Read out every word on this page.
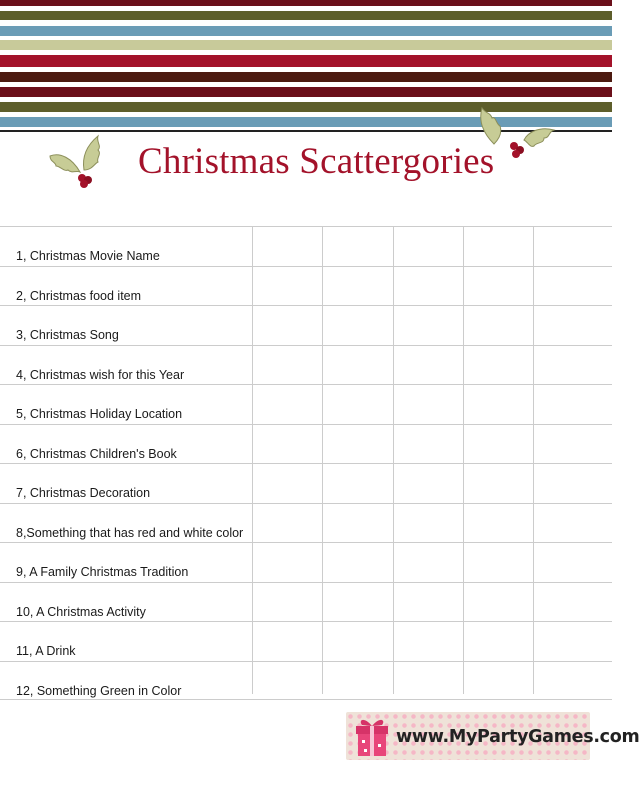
Christmas Scattergories
1, Christmas Movie Name
2, Christmas food item
3, Christmas Song
4, Christmas wish for this Year
5, Christmas Holiday Location
6, Christmas Children's Book
7, Christmas Decoration
8,Something that has red and white color
9, A Family Christmas Tradition
10, A Christmas Activity
11, A Drink
12, Something Green in Color
www.MyPartyGames.com
